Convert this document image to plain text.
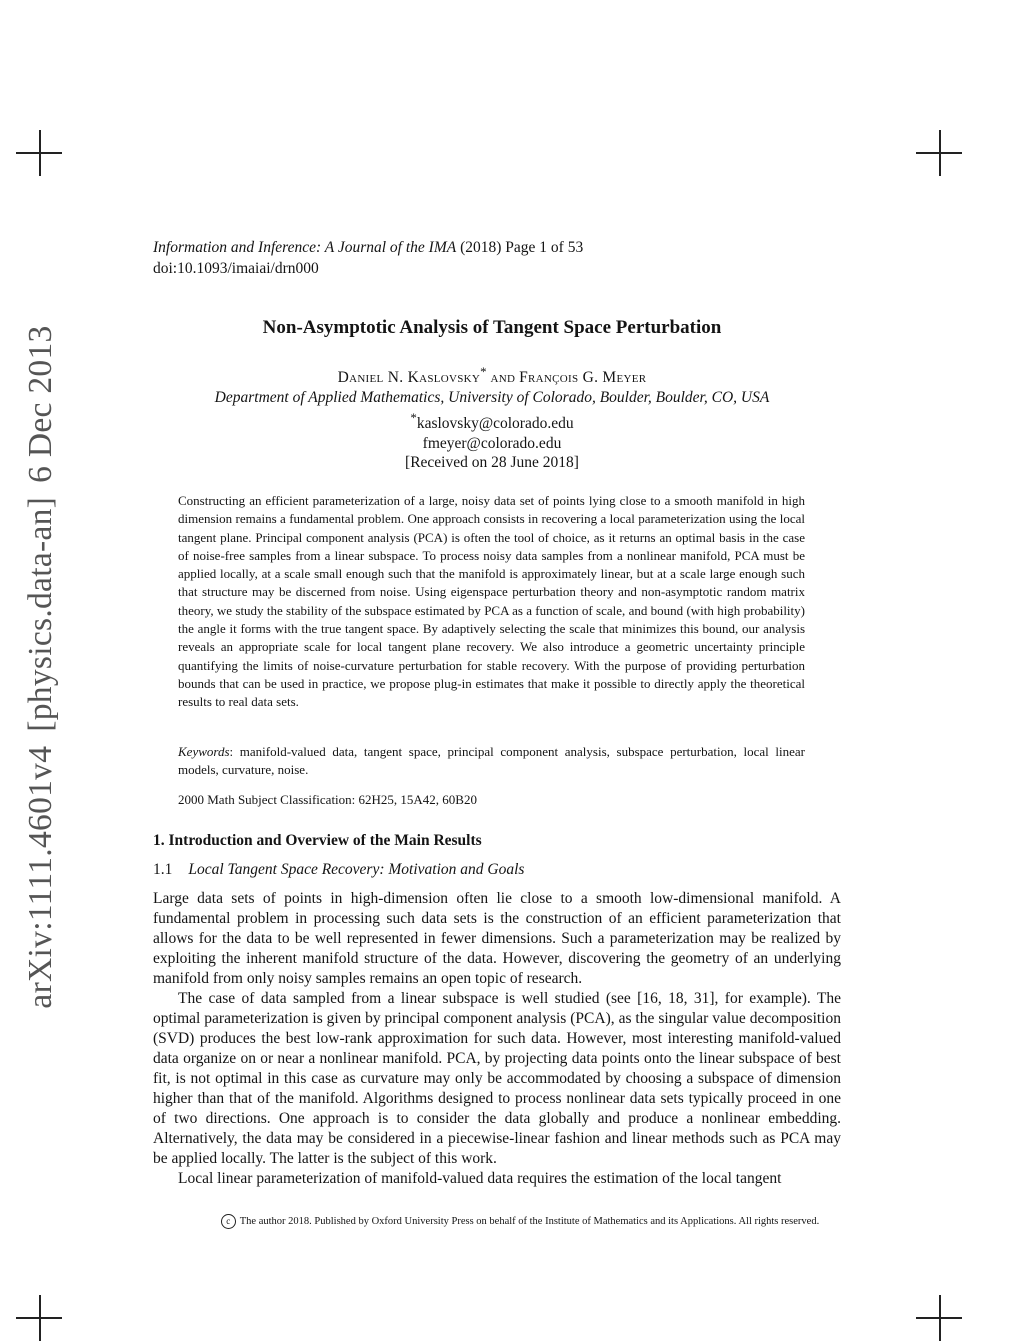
arXiv:1111.4601v4[physics.data-an]6 Dec 2013
Information and Inference: A Journal of the IMA (2018) Page 1 of 53
doi:10.1093/imaiai/drn000
Non-Asymptotic Analysis of Tangent Space Perturbation
Daniel N. Kaslovsky* and François G. Meyer
Department of Applied Mathematics, University of Colorado, Boulder, Boulder, CO, USA
*kaslovsky@colorado.edu
fmeyer@colorado.edu
[Received on 28 June 2018]

Constructing an efficient parameterization of a large, noisy data set of points lying close to a smooth manifold in high dimension remains a fundamental problem. One approach consists in recovering a local parameterization using the local tangent plane. Principal component analysis (PCA) is often the tool of choice, as it returns an optimal basis in the case of noise-free samples from a linear subspace. To process noisy data samples from a nonlinear manifold, PCA must be applied locally, at a scale small enough such that the manifold is approximately linear, but at a scale large enough such that structure may be discerned from noise. Using eigenspace perturbation theory and non-asymptotic random matrix theory, we study the stability of the subspace estimated by PCA as a function of scale, and bound (with high probability) the angle it forms with the true tangent space. By adaptively selecting the scale that minimizes this bound, our analysis reveals an appropriate scale for local tangent plane recovery. We also introduce a geometric uncertainty principle quantifying the limits of noise-curvature perturbation for stable recovery. With the purpose of providing perturbation bounds that can be used in practice, we propose plug-in estimates that make it possible to directly apply the theoretical results to real data sets.

Keywords: manifold-valued data, tangent space, principal component analysis, subspace perturbation, local linear models, curvature, noise.

2000 Math Subject Classification: 62H25, 15A42, 60B20
1. Introduction and Overview of the Main Results
1.1 Local Tangent Space Recovery: Motivation and Goals

Large data sets of points in high-dimension often lie close to a smooth low-dimensional manifold. A fundamental problem in processing such data sets is the construction of an efficient parameterization that allows for the data to be well represented in fewer dimensions. Such a parameterization may be realized by exploiting the inherent manifold structure of the data. However, discovering the geometry of an underlying manifold from only noisy samples remains an open topic of research.

The case of data sampled from a linear subspace is well studied (see [16, 18, 31], for example). The optimal parameterization is given by principal component analysis (PCA), as the singular value decomposition (SVD) produces the best low-rank approximation for such data. However, most interesting manifold-valued data organize on or near a nonlinear manifold. PCA, by projecting data points onto the linear subspace of best fit, is not optimal in this case as curvature may only be accommodated by choosing a subspace of dimension higher than that of the manifold. Algorithms designed to process nonlinear data sets typically proceed in one of two directions. One approach is to consider the data globally and produce a nonlinear embedding. Alternatively, the data may be considered in a piecewise-linear fashion and linear methods such as PCA may be applied locally. The latter is the subject of this work.

Local linear parameterization of manifold-valued data requires the estimation of the local tangent

c The author 2018. Published by Oxford University Press on behalf of the Institute of Mathematics and its Applications. All rights reserved.
